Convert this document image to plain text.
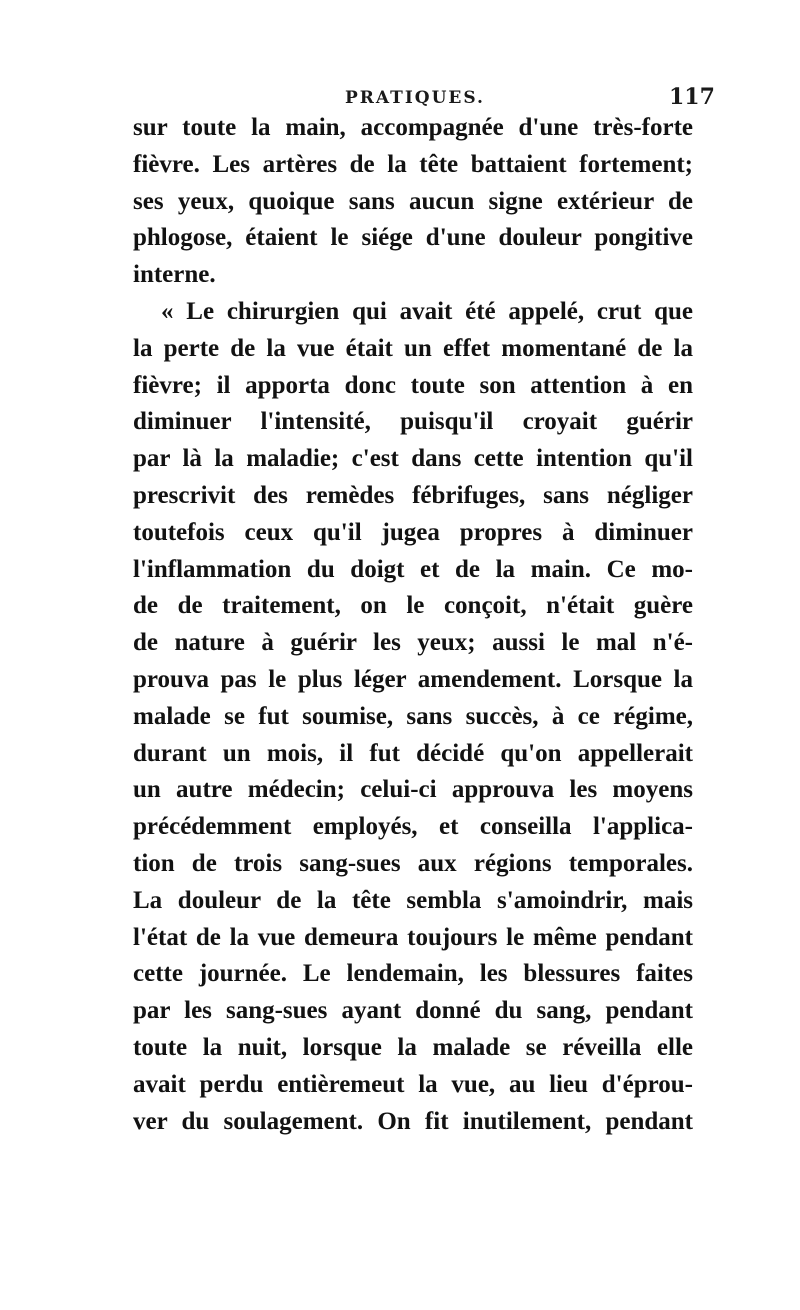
PRATIQUES.	117
sur toute la main, accompagnée d'une très-forte
fièvre. Les artères de la tête battaient fortement;
ses yeux, quoique sans aucun signe extérieur de
phlogose, étaient le siége d'une douleur pongitive
interne.
« Le chirurgien qui avait été appelé, crut que
la perte de la vue était un effet momentané de la
fièvre; il apporta donc toute son attention à en
diminuer l'intensité, puisqu'il croyait guérir
par là la maladie; c'est dans cette intention qu'il
prescrivit des remèdes fébrifuges, sans négliger
toutefois ceux qu'il jugea propres à diminuer
l'inflammation du doigt et de la main. Ce mo-
de de traitement, on le conçoit, n'était guère
de nature à guérir les yeux; aussi le mal n'é-
prouva pas le plus léger amendement. Lorsque la
malade se fut soumise, sans succès, à ce régime,
durant un mois, il fut décidé qu'on appellerait
un autre médecin; celui-ci approuva les moyens
précédemment employés, et conseilla l'applica-
tion de trois sang-sues aux régions temporales.
La douleur de la tête sembla s'amoindrir, mais
l'état de la vue demeura toujours le même pendant
cette journée. Le lendemain, les blessures faites
par les sang-sues ayant donné du sang, pendant
toute la nuit, lorsque la malade se réveilla elle
avait perdu entièremeut la vue, au lieu d'éprou-
ver du soulagement. On fit inutilement, pendant
